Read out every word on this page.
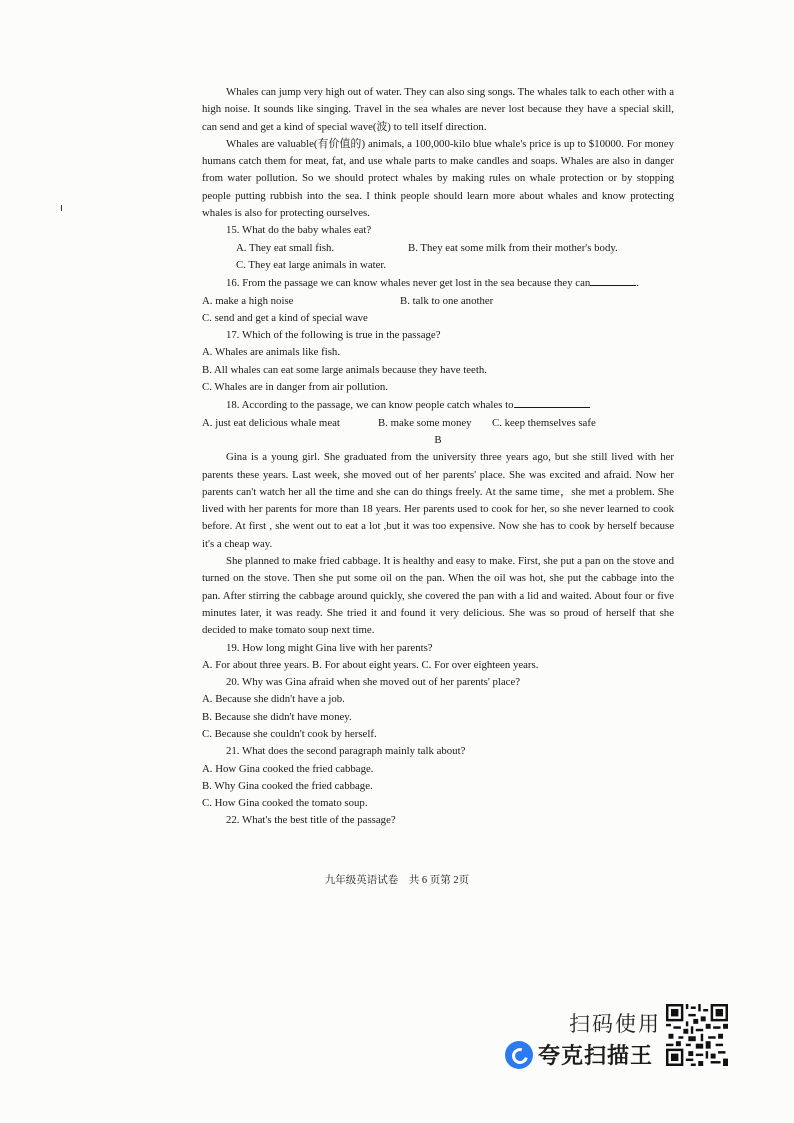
Whales can jump very high out of water. They can also sing songs. The whales talk to each other with a high noise. It sounds like singing. Travel in the sea whales are never lost because they have a special skill, can send and get a kind of special wave(波) to tell itself direction.

Whales are valuable(有价值的) animals, a 100,000-kilo blue whale's price is up to $10000. For money humans catch them for meat, fat, and use whale parts to make candles and soaps. Whales are also in danger from water pollution. So we should protect whales by making rules on whale protection or by stopping people putting rubbish into the sea. I think people should learn more about whales and know protecting whales is also for protecting ourselves.

15. What do the baby whales eat?

A. They eat small fish.	B. They eat some milk from their mother's body.

C. They eat large animals in water.

16. From the passage we can know whales never get lost in the sea because they can	.

A. make a high noise	B. talk to one another

C. send and get a kind of special wave

17. Which of the following is true in the passage?

A. Whales are animals like fish.

B. All whales can eat some large animals because they have teeth.

C. Whales are in danger from air pollution.

18. According to the passage, we can know people catch whales to

A. just eat delicious whale meat	B. make some money	C. keep themselves safe

B

Gina is a young girl. She graduated from the university three years ago, but she still lived with her parents these years. Last week, she moved out of her parents' place. She was excited and afraid. Now her parents can't watch her all the time and she can do things freely. At the same time，she met a problem. She lived with her parents for more than 18 years. Her parents used to cook for her, so she never learned to cook before. At first , she went out to eat a lot ,but it was too expensive. Now she has to cook by herself because it's a cheap way.

She planned to make fried cabbage. It is healthy and easy to make. First, she put a pan on the stove and turned on the stove. Then she put some oil on the pan. When the oil was hot, she put the cabbage into the pan. After stirring the cabbage around quickly, she covered the pan with a lid and waited. About four or five minutes later, it was ready. She tried it and found it very delicious. She was so proud of herself that she decided to make tomato soup next time.

19. How long might Gina live with her parents?

A. For about three years. B. For about eight years. C. For over eighteen years.

20. Why was Gina afraid when she moved out of her parents' place?

A. Because she didn't have a job.

B. Because she didn't have money.

C. Because she couldn't cook by herself.

21. What does the second paragraph mainly talk about?

A. How Gina cooked the fried cabbage.

B. Why Gina cooked the fried cabbage.

C. How Gina cooked the tomato soup.

22. What's the best title of the passage?

九年级英语试卷　共 6 页第 2页
扫码使用
夸克扫描王
